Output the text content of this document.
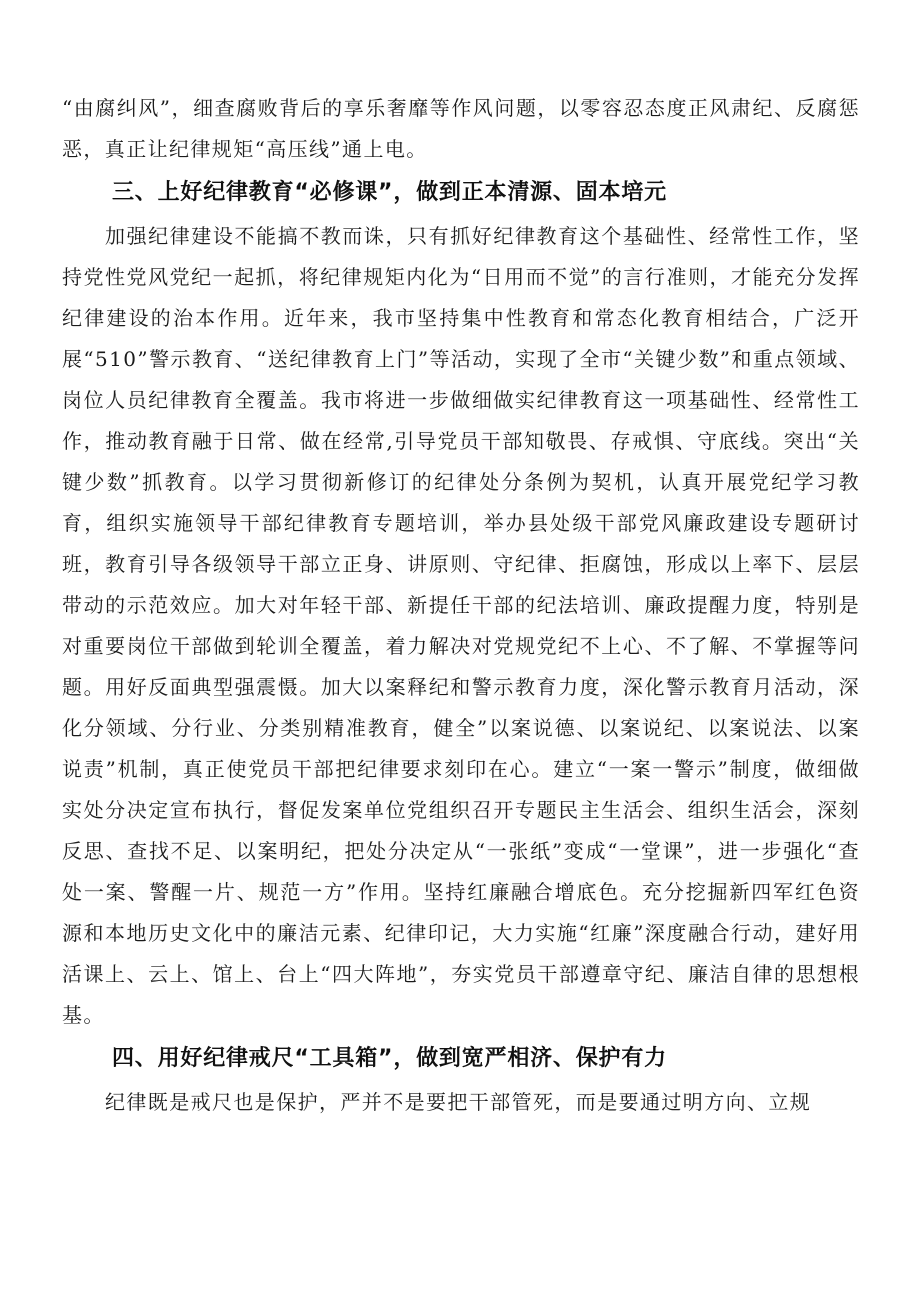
“由腐纠风”，细查腐败背后的享乐奢靡等作风问题，以零容忍态度正风肃纪、反腐惩恶，真正让纪律规矩“高压线”通上电。

三、上好纪律教育“必修课”，做到正本清源、固本培元

加强纪律建设不能搞不教而诛，只有抓好纪律教育这个基础性、经常性工作，坚持党性党风党纪一起抓，将纪律规矩内化为“日用而不觉”的言行准则，才能充分发挥纪律建设的治本作用。近年来，我市坚持集中性教育和常态化教育相结合，广泛开展“510”警示教育、“送纪律教育上门”等活动，实现了全市“关键少数”和重点领域、岗位人员纪律教育全覆盖。我市将进一步做细做实纪律教育这一项基础性、经常性工作，推动教育融于日常、做在经常,引导党员干部知敬畏、存戒惧、守底线。突出“关键少数”抓教育。以学习贯彻新修订的纪律处分条例为契机，认真开展党纪学习教育，组织实施领导干部纪律教育专题培训，举办县处级干部党风廉政建设专题研讨班，教育引导各级领导干部立正身、讲原则、守纪律、拒腐蚀，形成以上率下、层层带动的示范效应。加大对年轻干部、新提任干部的纪法培训、廉政提醒力度，特别是对重要岗位干部做到轮训全覆盖，着力解决对党规党纪不上心、不了解、不掌握等问题。用好反面典型强震慑。加大以案释纪和警示教育力度，深化警示教育月活动，深化分领域、分行业、分类别精准教育，健全”以案说德、以案说纪、以案说法、以案说责”机制，真正使党员干部把纪律要求刻印在心。建立“一案一警示”制度，做细做实处分决定宣布执行，督促发案单位党组织召开专题民主生活会、组织生活会，深刻反思、查找不足、以案明纪，把处分决定从“一张纸”变成“一堂课”，进一步强化“查处一案、警醒一片、规范一方”作用。坚持红廉融合增底色。充分挖掘新四军红色资源和本地历史文化中的廉洁元素、纪律印记，大力实施“红廉”深度融合行动，建好用活课上、云上、馆上、台上“四大阵地”，夯实党员干部遵章守纪、廉洁自律的思想根基。

四、用好纪律戒尺“工具箱”，做到宽严相济、保护有力

纪律既是戒尺也是保护，严并不是要把干部管死，而是要通过明方向、立规
